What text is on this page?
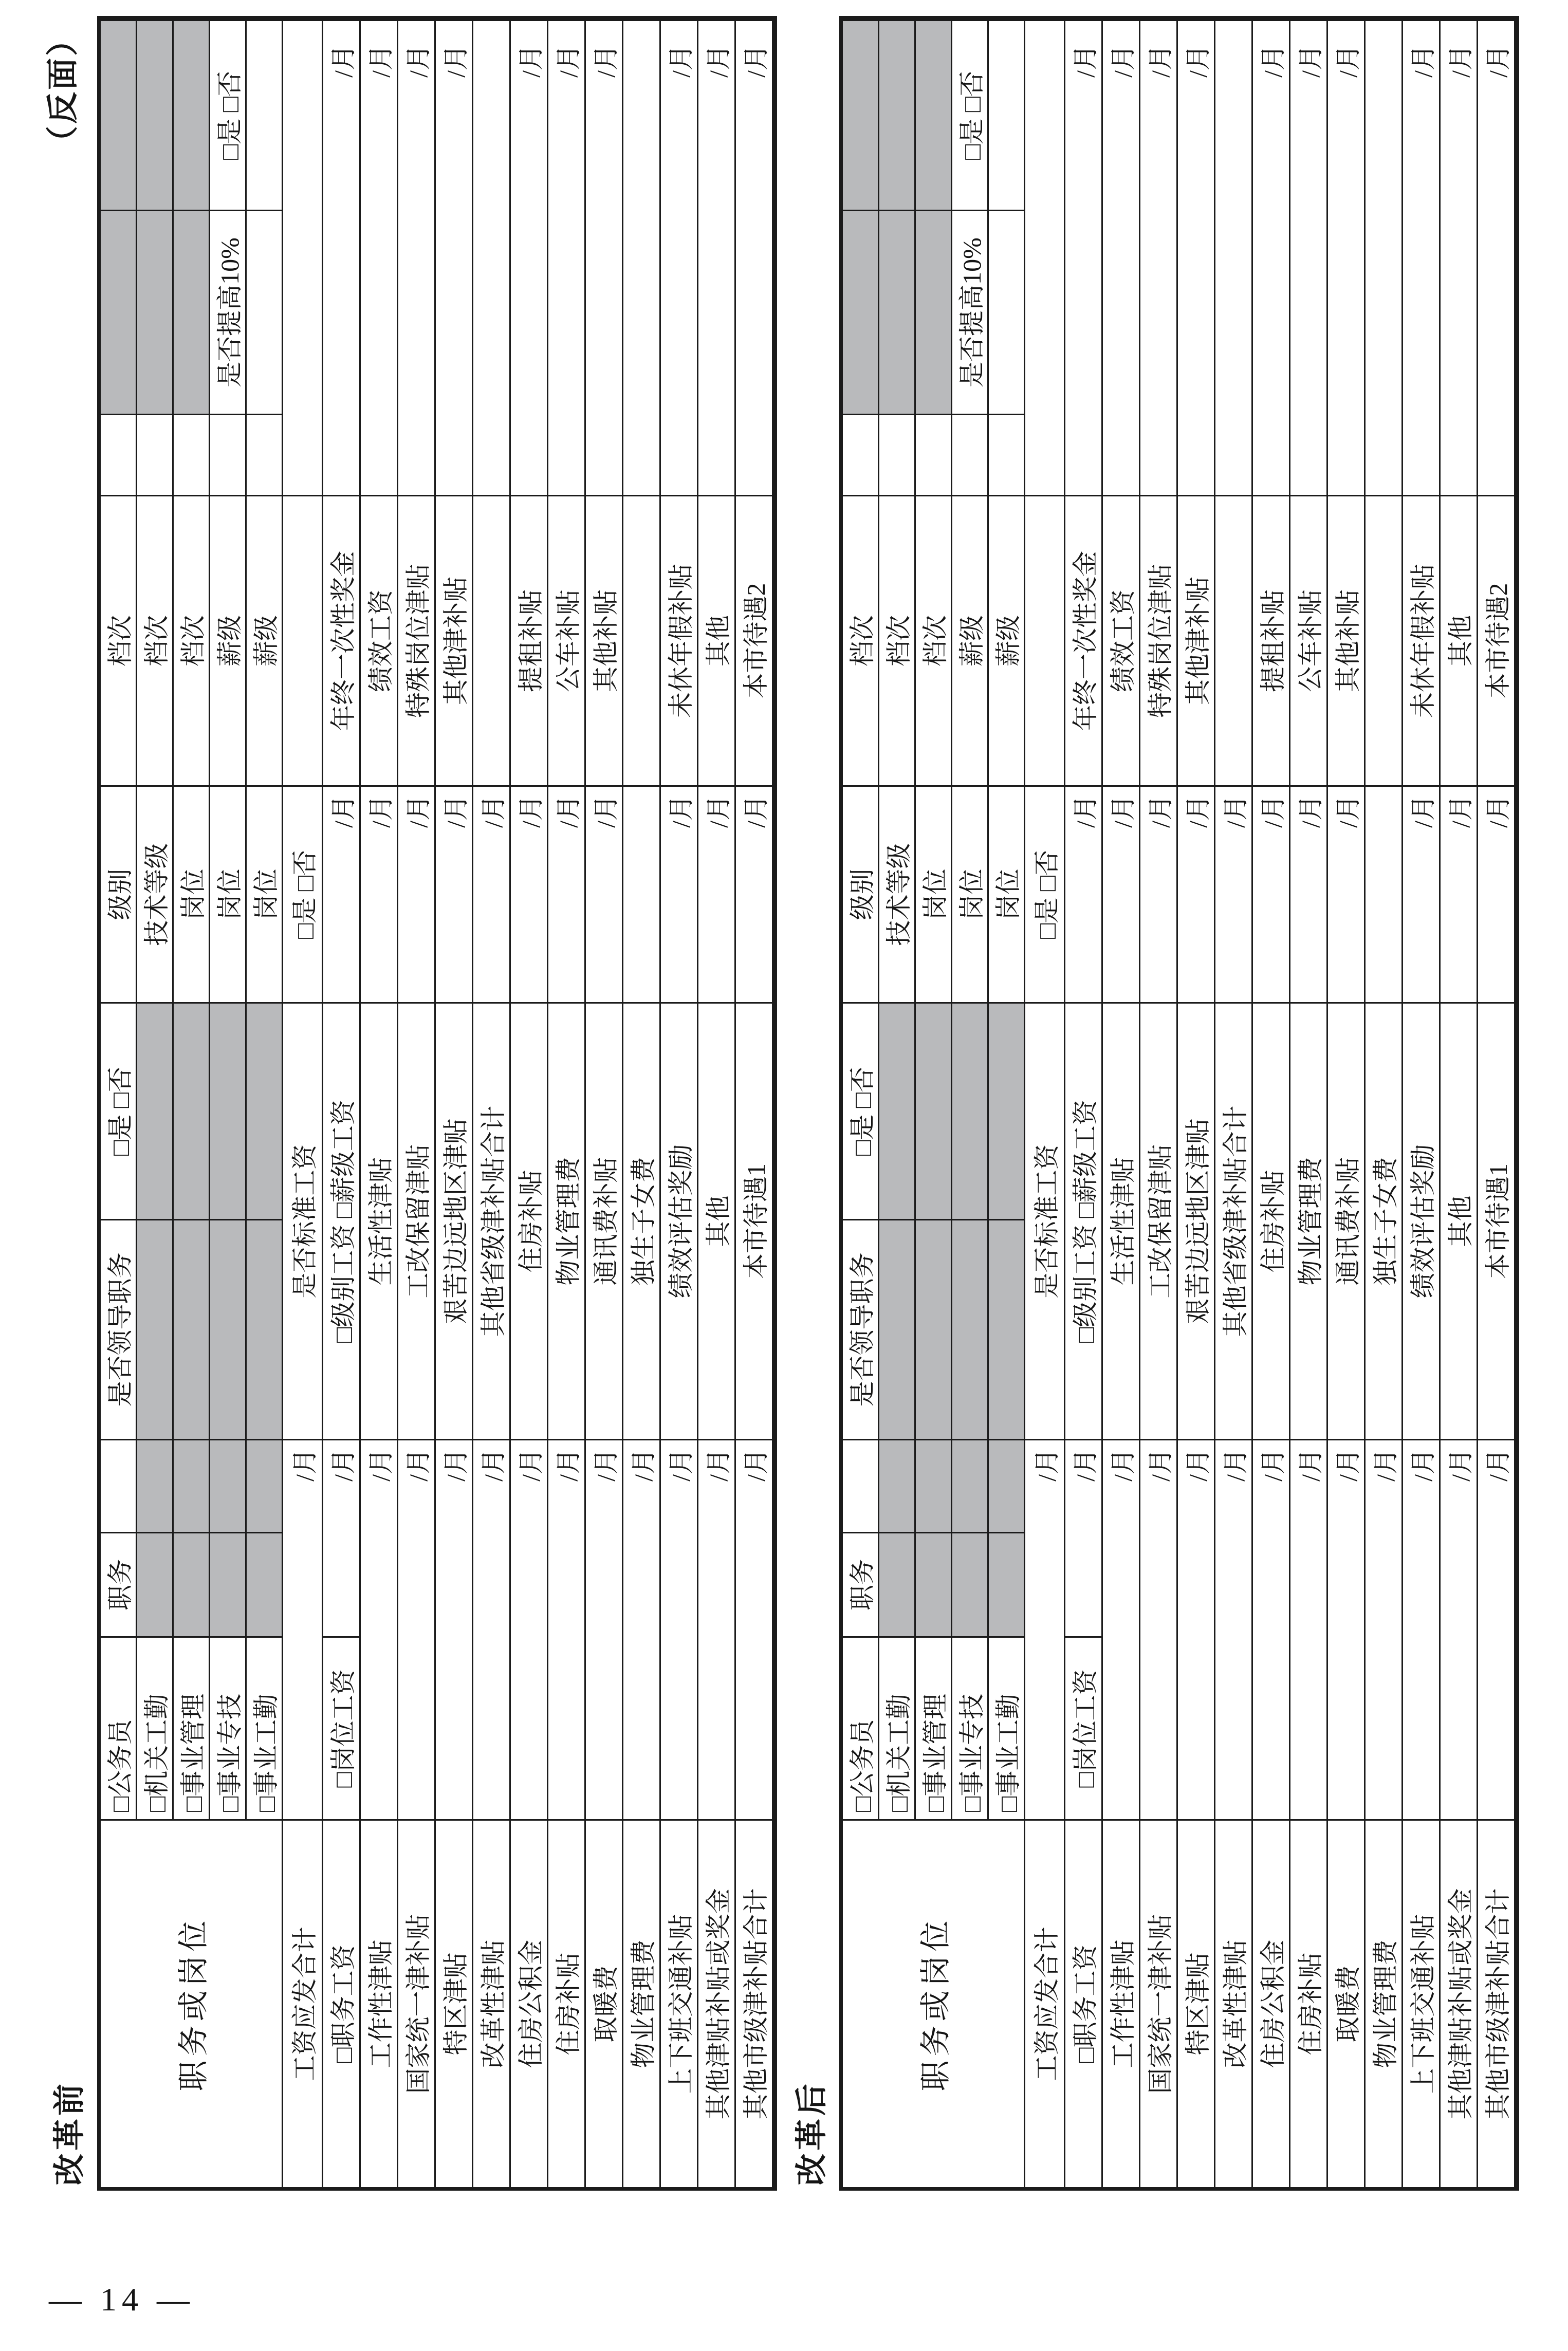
（反面）
改革前	改革后
职务或岗位
□公务员 □机关工勤 □事业管理 □事业专技 □事业工勤
职务
是否领导职务
□是 □否
级别
档次
技术等级
档次
岗位
档次
岗位
薪级
是否提高10%
□是 □否
岗位
薪级
工资应发合计
/月
是否标准工资
□是 □否
□职务工资
□岗位工资
/月
□级别工资 □薪级工资
/月
年终一次性奖金
/月
工作性津贴
/月
生活性津贴
/月
绩效工资
/月
国家统一津补贴
/月
工改保留津贴
/月
特殊岗位津贴
/月
特区津贴
/月
艰苦边远地区津贴
/月
其他津补贴
/月
改革性津贴
/月
其他省级津补贴合计
/月
住房公积金
/月
住房补贴
/月
提租补贴
/月
住房补贴
/月
物业管理费
/月
公车补贴
/月
取暖费
/月
通讯费补贴
/月
其他补贴
/月
物业管理费
/月
独生子女费
上下班交通补贴
/月
绩效评估奖励
/月
未休年假补贴
/月
其他津贴补贴或奖金
/月
其他
/月
其他
/月
其他市级津补贴合计
/月
本市待遇1
/月
本市待遇2
/月
职务或岗位
□公务员 □机关工勤 □事业管理 □事业专技 □事业工勤
职务
是否领导职务
□是 □否
级别
档次
技术等级
档次
岗位
档次
岗位
薪级
是否提高10%
□是 □否
岗位
薪级
工资应发合计
/月
是否标准工资
□是 □否
□职务工资
□岗位工资
/月
□级别工资 □薪级工资
/月
年终一次性奖金
/月
工作性津贴
/月
生活性津贴
/月
绩效工资
/月
国家统一津补贴
/月
工改保留津贴
/月
特殊岗位津贴
/月
特区津贴
/月
艰苦边远地区津贴
/月
其他津补贴
/月
改革性津贴
/月
其他省级津补贴合计
/月
住房公积金
/月
住房补贴
/月
提租补贴
/月
住房补贴
/月
物业管理费
/月
公车补贴
/月
取暖费
/月
通讯费补贴
/月
其他补贴
/月
物业管理费
/月
独生子女费
上下班交通补贴
/月
绩效评估奖励
/月
未休年假补贴
/月
其他津贴补贴或奖金
/月
其他
/月
其他
/月
其他市级津补贴合计
/月
本市待遇1
/月
本市待遇2
/月
— 14 —
